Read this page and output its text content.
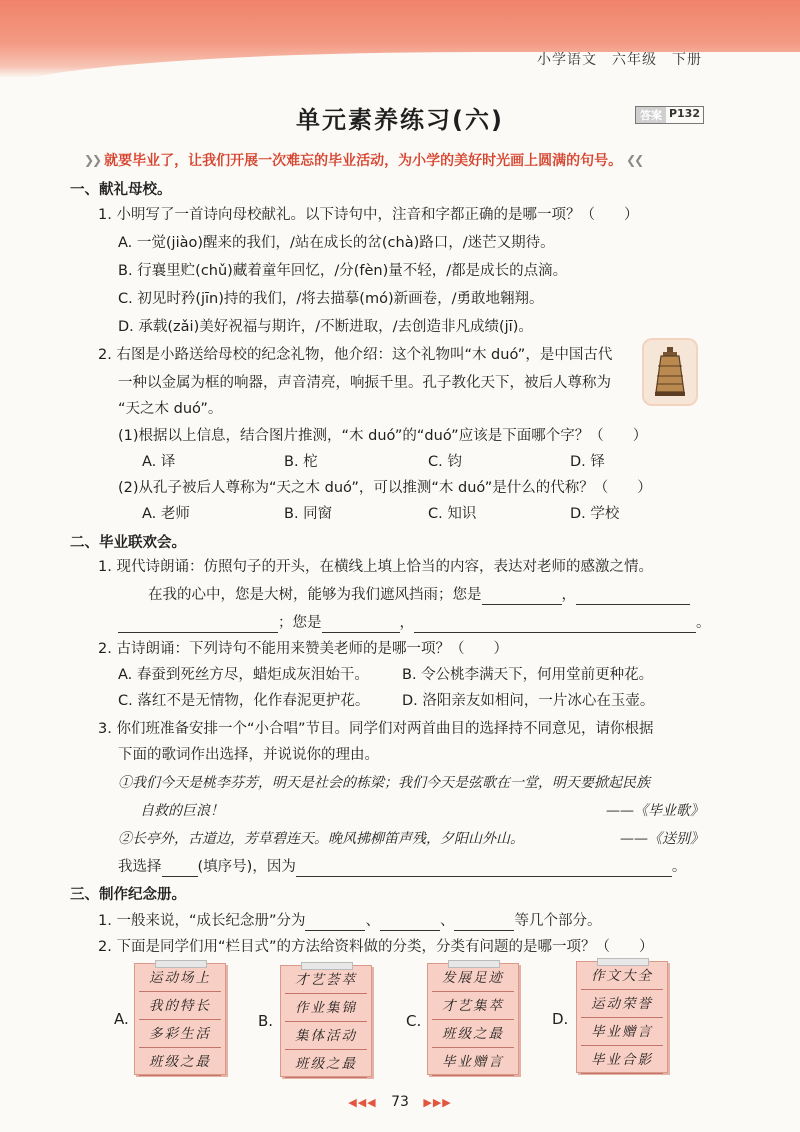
小学语文　六年级　下册
单元素养练习(六)	答案 P132
❯❯ 就要毕业了，让我们开展一次难忘的毕业活动，为小学的美好时光画上圆满的句号。 ❮❮
一、献礼母校。
1. 小明写了一首诗向母校献礼。以下诗句中，注音和字都正确的是哪一项？（　　）
A. 一觉(jiào)醒来的我们，/站在成长的岔(chà)路口，/迷芒又期待。
B. 行襄里贮(chǔ)藏着童年回忆，/分(fèn)量不轻，/都是成长的点滴。
C. 初见时矜(jīn)持的我们，/将去描摹(mó)新画卷，/勇敢地翱翔。
D. 承载(zǎi)美好祝福与期许，/不断进取，/去创造非凡成绩(jī)。
2. 右图是小路送给母校的纪念礼物，他介绍：这个礼物叫“木 duó”，是中国古代
一种以金属为框的响器，声音清亮，响振千里。孔子教化天下，被后人尊称为
“天之木 duó”。
(1)根据以上信息，结合图片推测，“木 duó”的“duó”应该是下面哪个字？（　　）
A. 译	B. 柁	C. 钧	D. 铎
(2)从孔子被后人尊称为“天之木 duó”，可以推测“木 duó”是什么的代称？（　　）
A. 老师	B. 同窗	C. 知识	D. 学校
二、毕业联欢会。
1. 现代诗朗诵：仿照句子的开头，在横线上填上恰当的内容，表达对老师的感激之情。
在我的心中，您是大树，能够为我们遮风挡雨；您是	，
；您是	，	。
2. 古诗朗诵：下列诗句不能用来赞美老师的是哪一项？（　　）
A. 春蚕到死丝方尽，蜡炬成灰泪始干。 B. 令公桃李满天下，何用堂前更种花。
C. 落红不是无情物，化作春泥更护花。 D. 洛阳亲友如相问，一片冰心在玉壶。
3. 你们班准备安排一个“小合唱”节目。同学们对两首曲目的选择持不同意见，请你根据
下面的歌词作出选择，并说说你的理由。
①我们今天是桃李芬芳，明天是社会的栋梁；我们今天是弦歌在一堂，明天要掀起民族
自救的巨浪！	——《毕业歌》
②长亭外，古道边，芳草碧连天。晚风拂柳笛声残，夕阳山外山。	——《送别》
我选择 (填序号)，因为	。
三、制作纪念册。
1. 一般来说，“成长纪念册”分为	、	、	等几个部分。
2. 下面是同学们用“栏目式”的方法给资料做的分类，分类有问题的是哪一项？（　　）
A.
运动场上
我的特长
多彩生活
班级之最
B.
才艺荟萃
作业集锦
集体活动
班级之最
C.
发展足迹
才艺集萃
班级之最
毕业赠言
D.
作文大全
运动荣誉
毕业赠言
毕业合影
◀◀◀ 73 ▶▶▶
